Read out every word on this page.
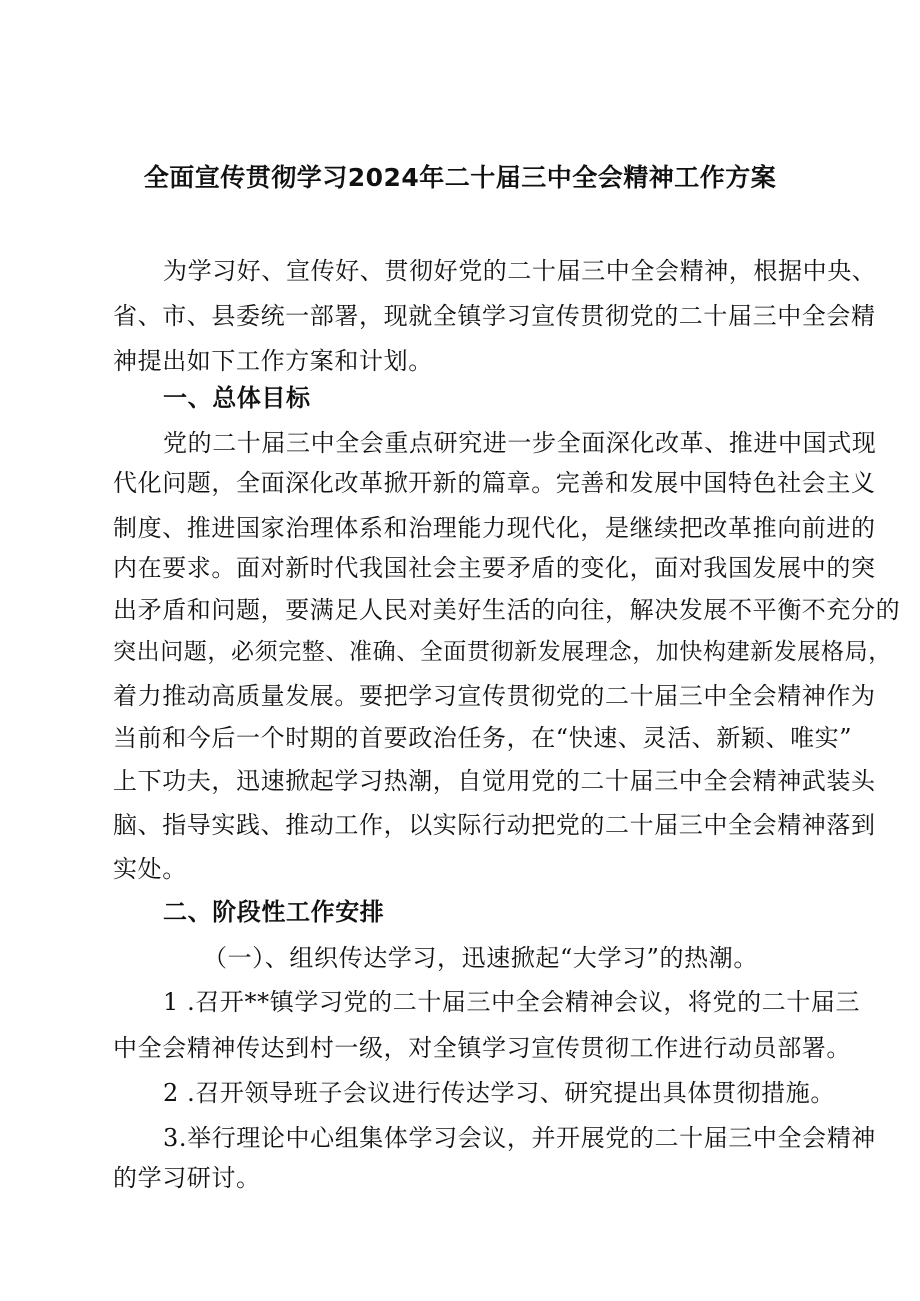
全面宣传贯彻学习2024年二十届三中全会精神工作方案
为学习好、宣传好、贯彻好党的二十届三中全会精神，根据中央、
省、市、县委统一部署，现就全镇学习宣传贯彻党的二十届三中全会精
神提出如下工作方案和计划。
一、总体目标
党的二十届三中全会重点研究进一步全面深化改革、推进中国式现
代化问题，全面深化改革掀开新的篇章。完善和发展中国特色社会主义
制度、推进国家治理体系和治理能力现代化，是继续把改革推向前进的
内在要求。面对新时代我国社会主要矛盾的变化，面对我国发展中的突
出矛盾和问题，要满足人民对美好生活的向往，解决发展不平衡不充分的
突出问题，必须完整、准确、全面贯彻新发展理念，加快构建新发展格局，
着力推动高质量发展。要把学习宣传贯彻党的二十届三中全会精神作为
当前和今后一个时期的首要政治任务，在“快速、灵活、新颖、唯实”
上下功夫，迅速掀起学习热潮，自觉用党的二十届三中全会精神武装头
脑、指导实践、推动工作，以实际行动把党的二十届三中全会精神落到
实处。
二、阶段性工作安排
（一）、组织传达学习，迅速掀起“大学习”的热潮。
1 .召开**镇学习党的二十届三中全会精神会议，将党的二十届三
中全会精神传达到村一级，对全镇学习宣传贯彻工作进行动员部署。
2 .召开领导班子会议进行传达学习、研究提出具体贯彻措施。
3.举行理论中心组集体学习会议，并开展党的二十届三中全会精神
的学习研讨。
